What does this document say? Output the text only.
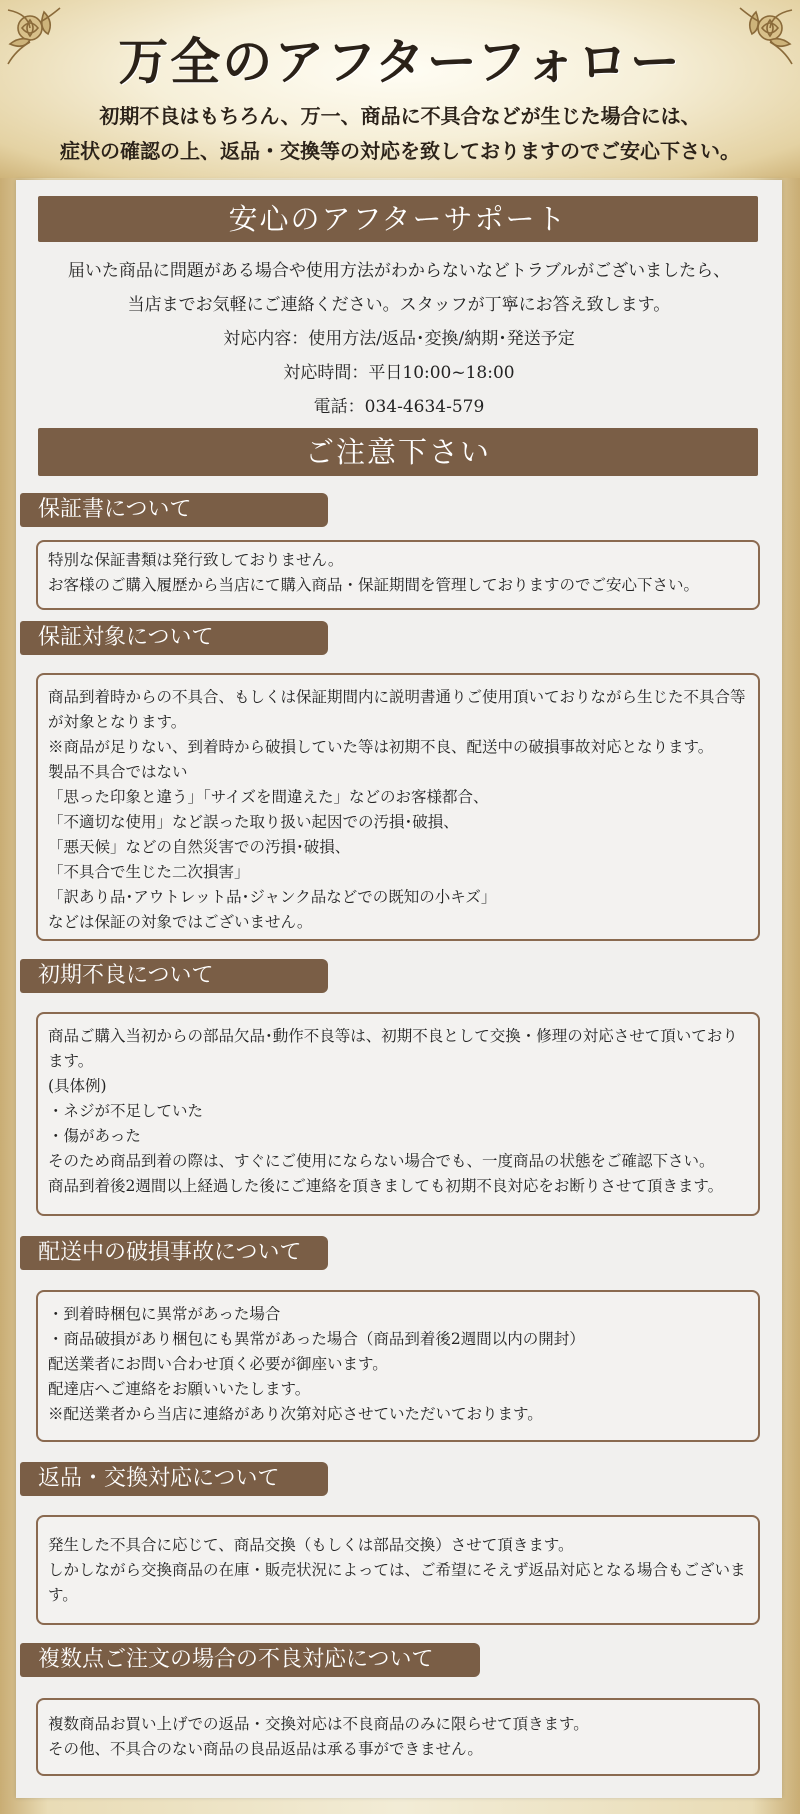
万全のアフターフォロー
初期不良はもちろん、万一、商品に不具合などが生じた場合には、
症状の確認の上、返品・交換等の対応を致しておりますのでご安心下さい。
安心のアフターサポート
届いた商品に問題がある場合や使用方法がわからないなどトラブルがございましたら、
当店までお気軽にご連絡ください。スタッフが丁寧にお答え致します。
対応内容：使用方法/返品･変換/納期･発送予定
対応時間：平日10:00~18:00
電話：034-4634-579
ご注意下さい
保証書について

特別な保証書類は発行致しておりません。

お客様のご購入履歴から当店にて購入商品・保証期間を管理しておりますのでご安心下さい。

保証対象について

商品到着時からの不具合、もしくは保証期間内に説明書通りご使用頂いておりながら生じた不具合等が対象となります。

※商品が足りない、到着時から破損していた等は初期不良、配送中の破損事故対応となります。

製品不具合ではない

「思った印象と違う」「サイズを間違えた」などのお客様都合、

「不適切な使用」など誤った取り扱い起因での汚損･破損、

「悪天候」などの自然災害での汚損･破損、

「不具合で生じた二次損害」

「訳あり品･アウトレット品･ジャンク品などでの既知の小キズ」

などは保証の対象ではございません。

初期不良について

商品ご購入当初からの部品欠品･動作不良等は、初期不良として交換・修理の対応させて頂いております。

(具体例)

・ネジが不足していた

・傷があった

そのため商品到着の際は、すぐにご使用にならない場合でも、一度商品の状態をご確認下さい。

商品到着後2週間以上経過した後にご連絡を頂きましても初期不良対応をお断りさせて頂きます。

配送中の破損事故について

・到着時梱包に異常があった場合

・商品破損があり梱包にも異常があった場合（商品到着後2週間以内の開封）

配送業者にお問い合わせ頂く必要が御座います。

配達店へご連絡をお願いいたします。

※配送業者から当店に連絡があり次第対応させていただいております。

返品・交換対応について

発生した不具合に応じて、商品交換（もしくは部品交換）させて頂きます。

しかしながら交換商品の在庫・販売状況によっては、ご希望にそえず返品対応となる場合もございます。

複数点ご注文の場合の不良対応について

複数商品お買い上げでの返品・交換対応は不良商品のみに限らせて頂きます。

その他、不具合のない商品の良品返品は承る事ができません。
